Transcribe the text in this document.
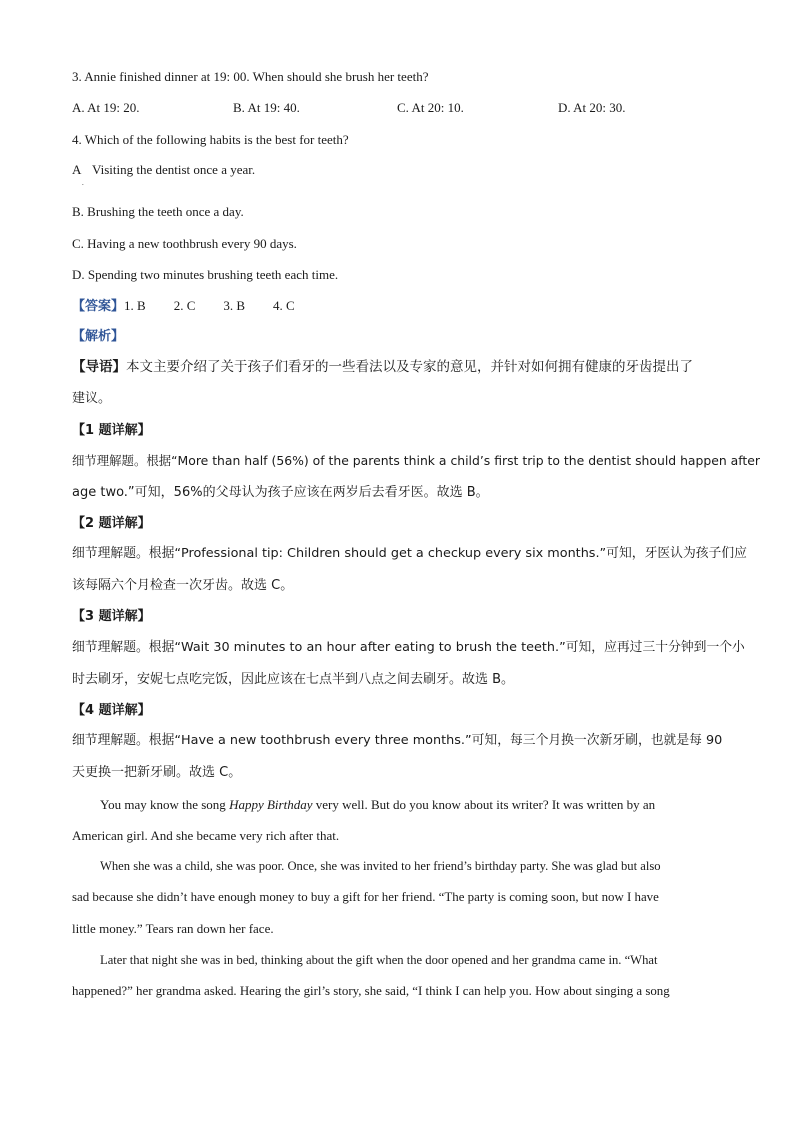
3. Annie finished dinner at 19: 00. When should she brush her teeth?
A. At 19: 20.	B. At 19: 40.	C. At 20: 10.	D. At 20: 30.
4. Which of the following habits is the best for teeth?
A Visiting the dentist once a year.
.
B. Brushing the teeth once a day.
C. Having a new toothbrush every 90 days.
D. Spending two minutes brushing teeth each time.
【答案】1. B 2. C 3. B 4. C
【解析】
【导语】本文主要介绍了关于孩子们看牙的一些看法以及专家的意见，并针对如何拥有健康的牙齿提出了
建议。
【1 题详解】
细节理解题。根据“More than half (56%) of the parents think a child’s first trip to the dentist should happen after
age two.”可知，56%的父母认为孩子应该在两岁后去看牙医。故选 B。
【2 题详解】
细节理解题。根据“Professional tip: Children should get a checkup every six months.”可知，牙医认为孩子们应
该每隔六个月检查一次牙齿。故选 C。
【3 题详解】
细节理解题。根据“Wait 30 minutes to an hour after eating to brush the teeth.”可知，应再过三十分钟到一个小
时去刷牙，安妮七点吃完饭，因此应该在七点半到八点之间去刷牙。故选 B。
【4 题详解】
细节理解题。根据“Have a new toothbrush every three months.”可知，每三个月换一次新牙刷，也就是每 90
天更换一把新牙刷。故选 C。
You may know the song Happy Birthday very well. But do you know about its writer? It was written by an
American girl. And she became very rich after that.
When she was a child, she was poor. Once, she was invited to her friend’s birthday party. She was glad but also
sad because she didn’t have enough money to buy a gift for her friend. “The party is coming soon, but now I have
little money.” Tears ran down her face.
Later that night she was in bed, thinking about the gift when the door opened and her grandma came in. “What
happened?” her grandma asked. Hearing the girl’s story, she said, “I think I can help you. How about singing a song
